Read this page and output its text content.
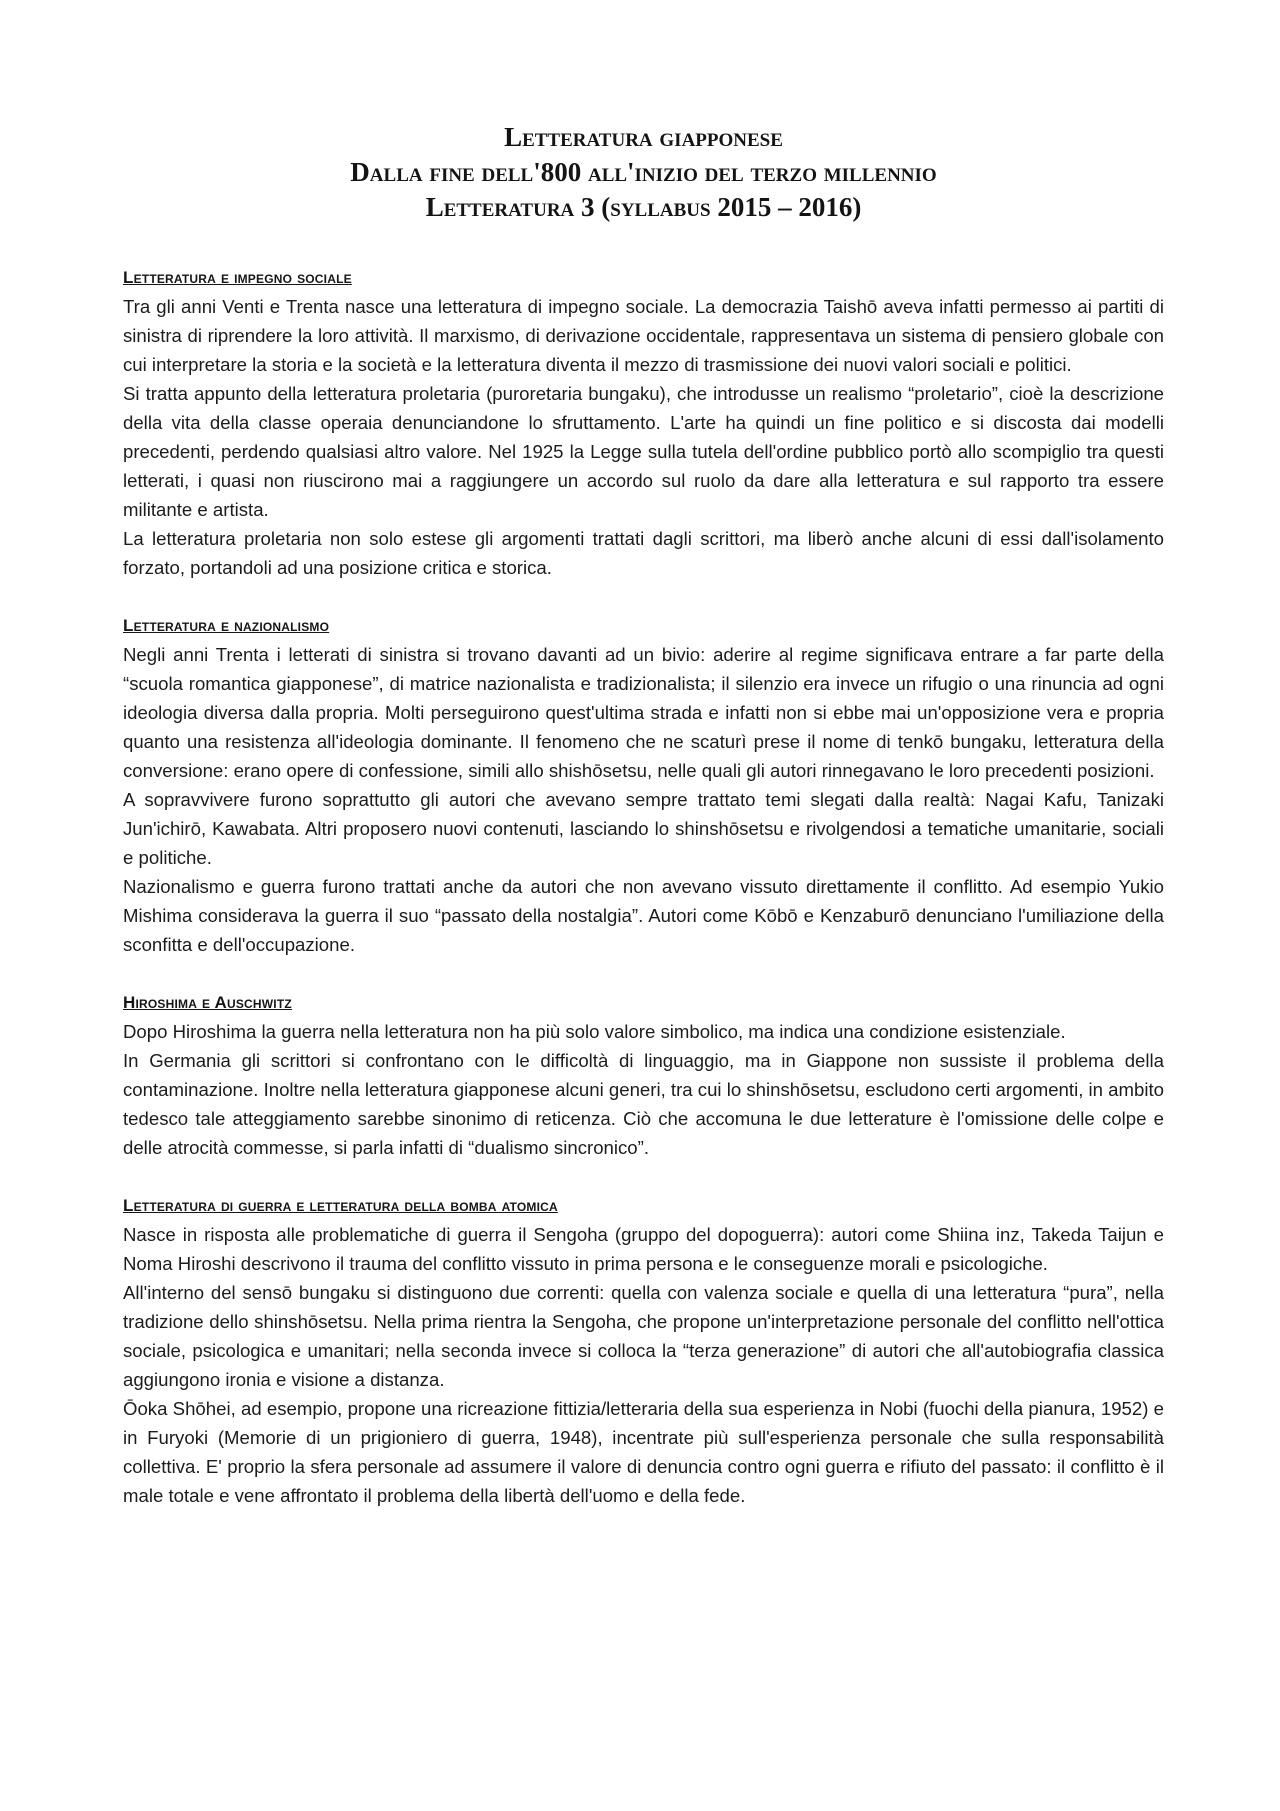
Letteratura giapponese
Dalla fine dell'800 all'inizio del terzo millennio
Letteratura 3 (syllabus 2015 – 2016)
Letteratura e impegno sociale

Tra gli anni Venti e Trenta nasce una letteratura di impegno sociale. La democrazia Taishō aveva infatti permesso ai partiti di sinistra di riprendere la loro attività. Il marxismo, di derivazione occidentale, rappresentava un sistema di pensiero globale con cui interpretare la storia e la società e la letteratura diventa il mezzo di trasmissione dei nuovi valori sociali e politici.

Si tratta appunto della letteratura proletaria (puroretaria bungaku), che introdusse un realismo “proletario”, cioè la descrizione della vita della classe operaia denunciandone lo sfruttamento. L'arte ha quindi un fine politico e si discosta dai modelli precedenti, perdendo qualsiasi altro valore. Nel 1925 la Legge sulla tutela dell'ordine pubblico portò allo scompiglio tra questi letterati, i quasi non riuscirono mai a raggiungere un accordo sul ruolo da dare alla letteratura e sul rapporto tra essere militante e artista.

La letteratura proletaria non solo estese gli argomenti trattati dagli scrittori, ma liberò anche alcuni di essi dall'isolamento forzato, portandoli ad una posizione critica e storica.

Letteratura e nazionalismo

Negli anni Trenta i letterati di sinistra si trovano davanti ad un bivio: aderire al regime significava entrare a far parte della “scuola romantica giapponese”, di matrice nazionalista e tradizionalista; il silenzio era invece un rifugio o una rinuncia ad ogni ideologia diversa dalla propria. Molti perseguirono quest'ultima strada e infatti non si ebbe mai un'opposizione vera e propria quanto una resistenza all'ideologia dominante. Il fenomeno che ne scaturì prese il nome di tenkō bungaku, letteratura della conversione: erano opere di confessione, simili allo shishōsetsu, nelle quali gli autori rinnegavano le loro precedenti posizioni.

A sopravvivere furono soprattutto gli autori che avevano sempre trattato temi slegati dalla realtà: Nagai Kafu, Tanizaki Jun'ichirō, Kawabata. Altri proposero nuovi contenuti, lasciando lo shinshōsetsu e rivolgendosi a tematiche umanitarie, sociali e politiche.

Nazionalismo e guerra furono trattati anche da autori che non avevano vissuto direttamente il conflitto. Ad esempio Yukio Mishima considerava la guerra il suo “passato della nostalgia”. Autori come Kōbō e Kenzaburō denunciano l'umiliazione della sconfitta e dell'occupazione.

Hiroshima e Auschwitz

Dopo Hiroshima la guerra nella letteratura non ha più solo valore simbolico, ma indica una condizione esistenziale.

In Germania gli scrittori si confrontano con le difficoltà di linguaggio, ma in Giappone non sussiste il problema della contaminazione. Inoltre nella letteratura giapponese alcuni generi, tra cui lo shinshōsetsu, escludono certi argomenti, in ambito tedesco tale atteggiamento sarebbe sinonimo di reticenza. Ciò che accomuna le due letterature è l'omissione delle colpe e delle atrocità commesse, si parla infatti di “dualismo sincronico”.

Letteratura di guerra e letteratura della bomba atomica

Nasce in risposta alle problematiche di guerra il Sengoha (gruppo del dopoguerra): autori come Shiina inz, Takeda Taijun e Noma Hiroshi descrivono il trauma del conflitto vissuto in prima persona e le conseguenze morali e psicologiche.

All'interno del sensō bungaku si distinguono due correnti: quella con valenza sociale e quella di una letteratura “pura”, nella tradizione dello shinshōsetsu. Nella prima rientra la Sengoha, che propone un'interpretazione personale del conflitto nell'ottica sociale, psicologica e umanitari; nella seconda invece si colloca la “terza generazione” di autori che all'autobiografia classica aggiungono ironia e visione a distanza.

Ōoka Shōhei, ad esempio, propone una ricreazione fittizia/letteraria della sua esperienza in Nobi (fuochi della pianura, 1952) e in Furyoki (Memorie di un prigioniero di guerra, 1948), incentrate più sull'esperienza personale che sulla responsabilità collettiva. E' proprio la sfera personale ad assumere il valore di denuncia contro ogni guerra e rifiuto del passato: il conflitto è il male totale e vene affrontato il problema della libertà dell'uomo e della fede.
